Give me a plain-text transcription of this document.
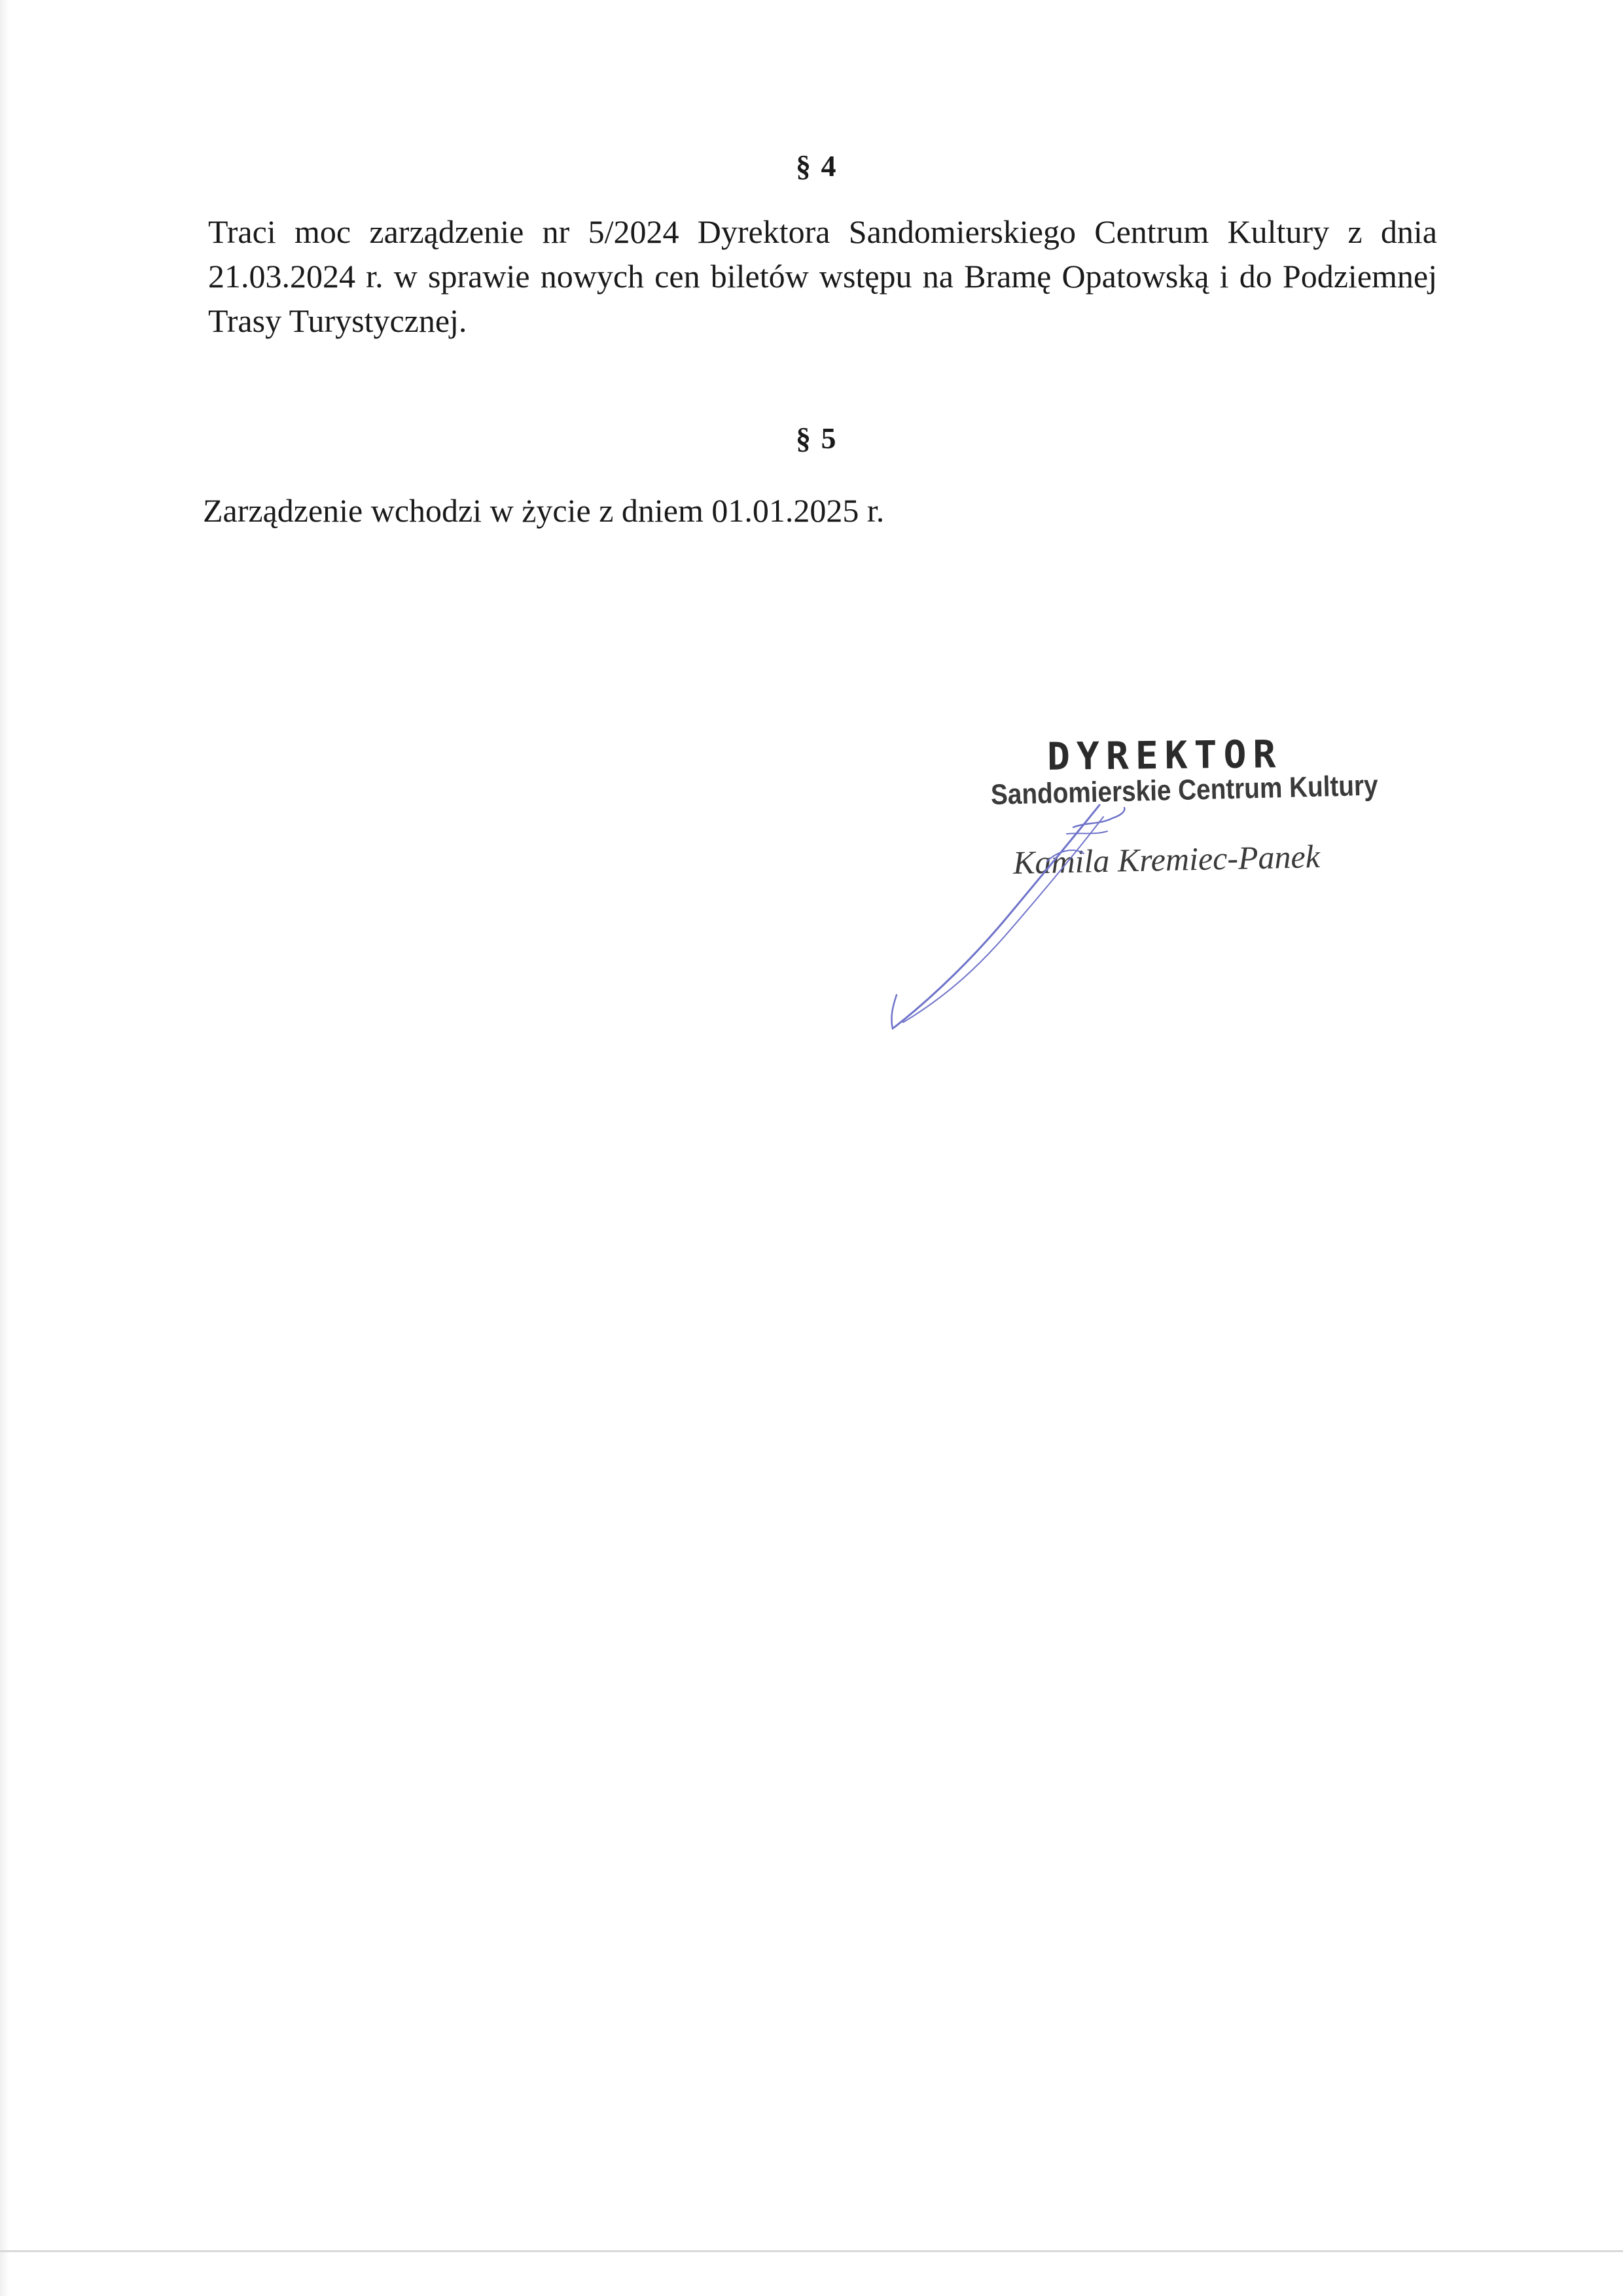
§ 4
Traci moc zarządzenie nr 5/2024 Dyrektora Sandomierskiego Centrum Kultury z dnia
21.03.2024 r. w sprawie nowych cen biletów wstępu na Bramę Opatowską i do Podziemnej
Trasy Turystycznej.
§ 5
Zarządzenie wchodzi w życie z dniem 01.01.2025 r.
DYREKTOR
Sandomierskie Centrum Kultury
Kamila Kremiec-Panek
